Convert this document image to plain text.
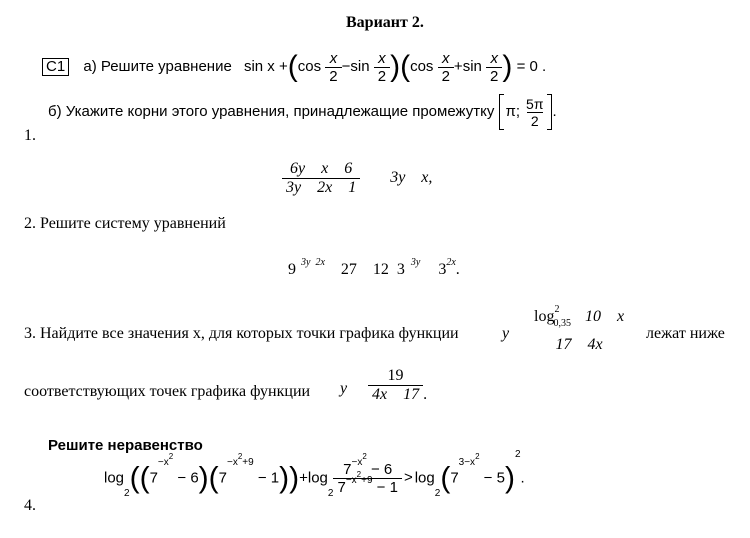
Вариант 2.
C1 а) Решите уравнение $\sin x +(\cos \frac{x}{2} -\sin \frac{x}{2} )(\cos \frac{x}{2} +\sin \frac{x}{2}$ ) = 0 .
б) Укажите корни этого уравнения, принадлежащие промежутку π; $\frac{5\pi}{2}$ .
1.
$\frac{\text{6y    x    6}}{3y 2x 1} 3y$    x,
2. Решите систему уравнений

9 $^{3y 2x}$ 27    12  3 $^{3y}$ $3^{2x}$.

3. Найдите все значения x, для которых точки графика функции	y
$\log^20,35$ 10    x
17    4x
лежат ниже
соответствующих точек графика функции y $\frac{19}{4x 17}$ .
Решите неравенство
4.
$\log_2((7^{-x2} - 6)(7^{-x2+9} - 1))+\log_2 \frac{7^{-x2} - 6}{7^{-x2+9} - 1} > \log_2(7^{3-x2} - 5)^2$.
